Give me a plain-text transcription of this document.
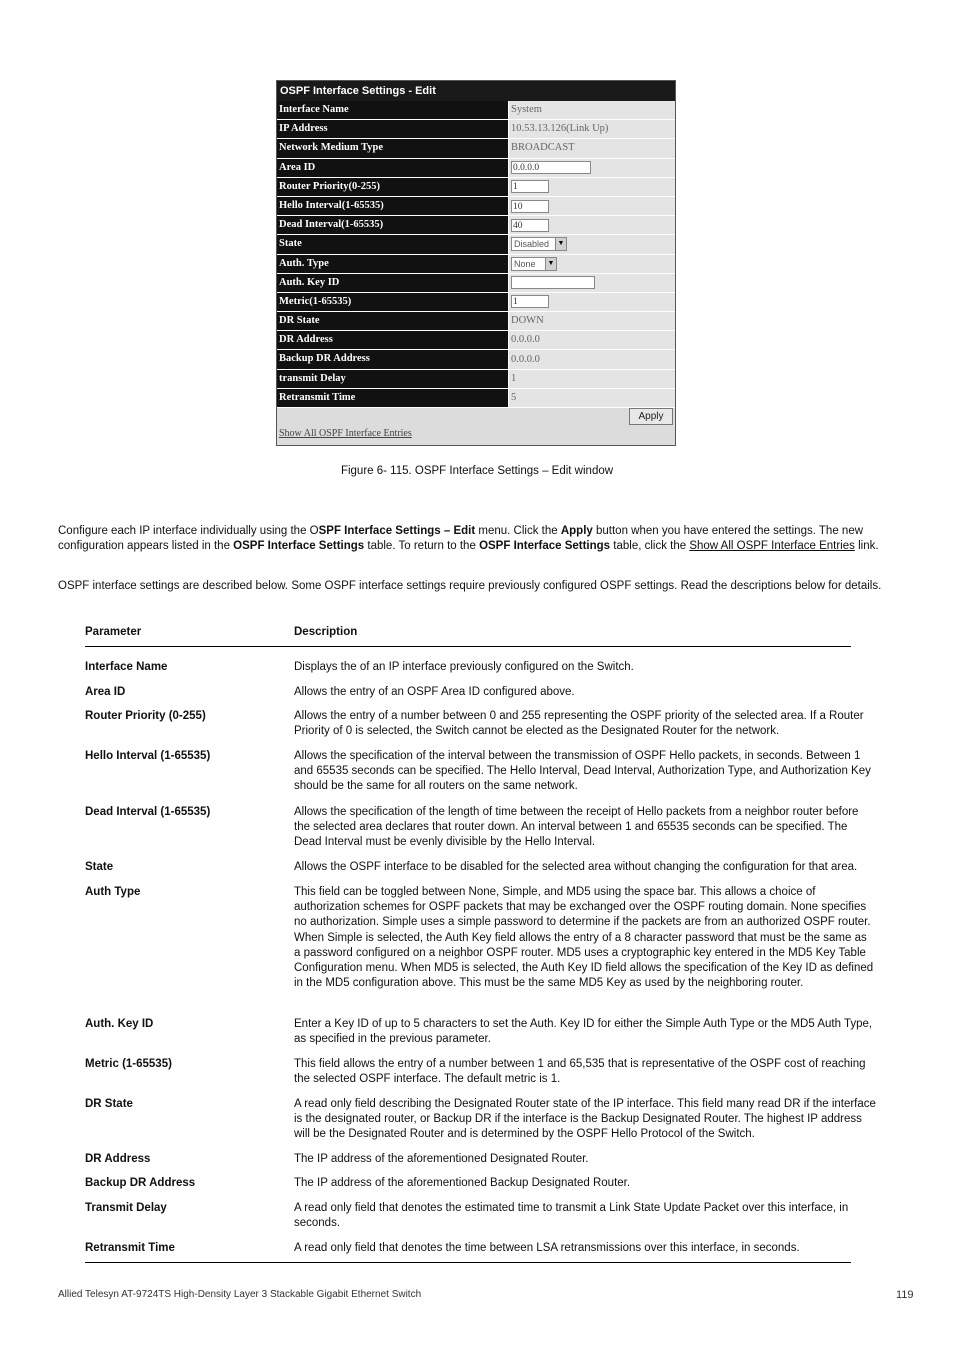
OSPF Interface Settings - Edit
Interface Name	System
IP Address	10.53.13.126(Link Up)
Network Medium Type	BROADCAST
Area ID	0.0.0.0
Router Priority(0-255)	1
Hello Interval(1-65535)	10
Dead Interval(1-65535)	40
State	Disabled	▼
Auth. Type	None	▼
Auth. Key ID
Metric(1-65535)	1
DR State	DOWN
DR Address	0.0.0.0
Backup DR Address	0.0.0.0
transmit Delay	1
Retransmit Time	5
Apply
Show All OSPF Interface Entries
Figure 6- 115. OSPF Interface Settings – Edit window
Configure each IP interface individually using the OSPF Interface Settings – Edit menu. Click the Apply button when you have entered the settings. The new configuration appears listed in the OSPF Interface Settings table. To return to the OSPF Interface Settings table, click the Show All OSPF Interface Entries link.
OSPF interface settings are described below. Some OSPF interface settings require previously configured OSPF settings. Read the descriptions below for details.
Parameter	Description
Interface Name	Displays the of an IP interface previously configured on the Switch.
Area ID	Allows the entry of an OSPF Area ID configured above.
Router Priority (0-255)	Allows the entry of a number between 0 and 255 representing the OSPF priority of the selected area. If a Router Priority of 0 is selected, the Switch cannot be elected as the Designated Router for the network.
Hello Interval (1-65535)	Allows the specification of the interval between the transmission of OSPF Hello packets, in seconds. Between 1 and 65535 seconds can be specified. The Hello Interval, Dead Interval, Authorization Type, and Authorization Key should be the same for all routers on the same network.
Dead Interval (1-65535)	Allows the specification of the length of time between the receipt of Hello packets from a neighbor router before the selected area declares that router down. An interval between 1 and 65535 seconds can be specified. The Dead Interval must be evenly divisible by the Hello Interval.
State	Allows the OSPF interface to be disabled for the selected area without changing the configuration for that area.
Auth Type	This field can be toggled between None, Simple, and MD5 using the space bar. This allows a choice of authorization schemes for OSPF packets that may be exchanged over the OSPF routing domain. None specifies no authorization. Simple uses a simple password to determine if the packets are from an authorized OSPF router. When Simple is selected, the Auth Key field allows the entry of a 8 character password that must be the same as a password configured on a neighbor OSPF router. MD5 uses a cryptographic key entered in the MD5 Key Table Configuration menu. When MD5 is selected, the Auth Key ID field allows the specification of the Key ID as defined in the MD5 configuration above. This must be the same MD5 Key as used by the neighboring router.
Auth. Key ID	Enter a Key ID of up to 5 characters to set the Auth. Key ID for either the Simple Auth Type or the MD5 Auth Type, as specified in the previous parameter.
Metric (1-65535)	This field allows the entry of a number between 1 and 65,535 that is representative of the OSPF cost of reaching the selected OSPF interface. The default metric is 1.
DR State	A read only field describing the Designated Router state of the IP interface. This field many read DR if the interface is the designated router, or Backup DR if the interface is the Backup Designated Router. The highest IP address will be the Designated Router and is determined by the OSPF Hello Protocol of the Switch.
DR Address	The IP address of the aforementioned Designated Router.
Backup DR Address	The IP address of the aforementioned Backup Designated Router.
Transmit Delay	A read only field that denotes the estimated time to transmit a Link State Update Packet over this interface, in seconds.
Retransmit Time	A read only field that denotes the time between LSA retransmissions over this interface, in seconds.
Allied Telesyn AT-9724TS High-Density Layer 3 Stackable Gigabit Ethernet Switch	119
